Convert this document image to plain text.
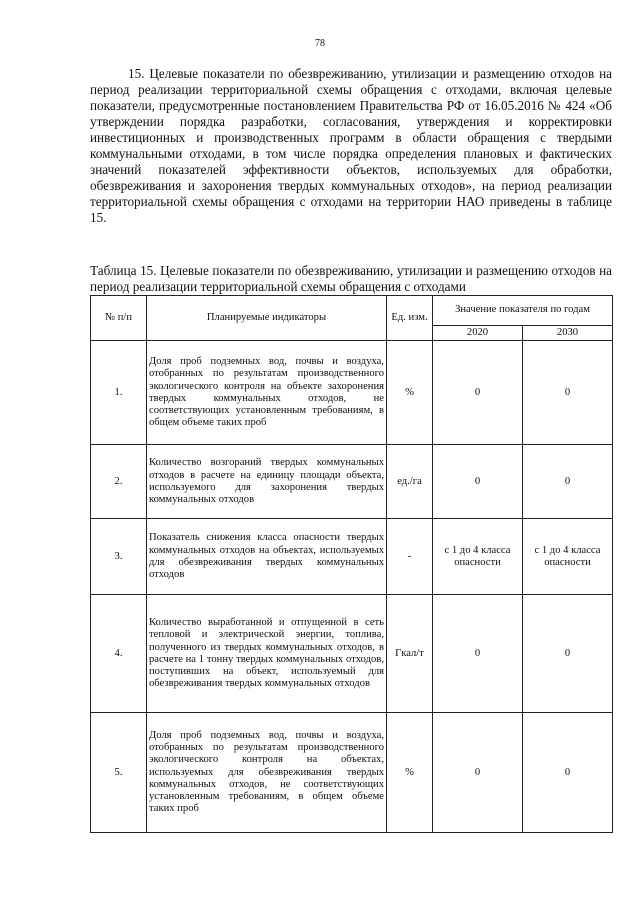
78

15. Целевые показатели по обезвреживанию, утилизации и размещению отходов на период реализации территориальной схемы обращения с отходами, включая целевые показатели, предусмотренные постановлением Правительства РФ от 16.05.2016 № 424 «Об утверждении порядка разработки, согласования, утверждения и корректировки инвестиционных и производственных программ в области обращения с твердыми коммунальными отходами, в том числе порядка определения плановых и фактических значений показателей эффективности объектов, используемых для обработки, обезвреживания и захоронения твердых коммунальных отходов», на период реализации территориальной схемы обращения с отходами на территории НАО приведены в таблице 15.

Таблица 15. Целевые показатели по обезвреживанию, утилизации и размещению отходов на период реализации территориальной схемы обращения с отходами

№ п/п	Планируемые индикаторы	Ед. изм.	Значение показателя по годам	
			2020	2030
1.	Доля проб подземных вод, почвы и воздуха, отобранных по результатам производственного экологического контроля на объекте захоронения твердых коммунальных отходов, не соответствующих установленным требованиям, в общем объеме таких проб	%	0	0
2.	Количество возгораний твердых коммунальных отходов в расчете на единицу площади объекта, используемого для захоронения твердых коммунальных отходов	ед./га	0	0
3.	Показатель снижения класса опасности твердых коммунальных отходов на объектах, используемых для обезвреживания твердых коммунальных отходов	-	с 1 до 4 класса опасности	с 1 до 4 класса опасности
4.	Количество выработанной и отпущенной в сеть тепловой и электрической энергии, топлива, полученного из твердых коммунальных отходов, в расчете на 1 тонну твердых коммунальных отходов, поступивших на объект, используемый для обезвреживания твердых коммунальных отходов	Гкал/т	0	0
5.	Доля проб подземных вод, почвы и воздуха, отобранных по результатам производственного экологического контроля на объектах, используемых для обезвреживания твердых коммунальных отходов, не соответствующих установленным требованиям, в общем объеме таких проб	%	0	0
